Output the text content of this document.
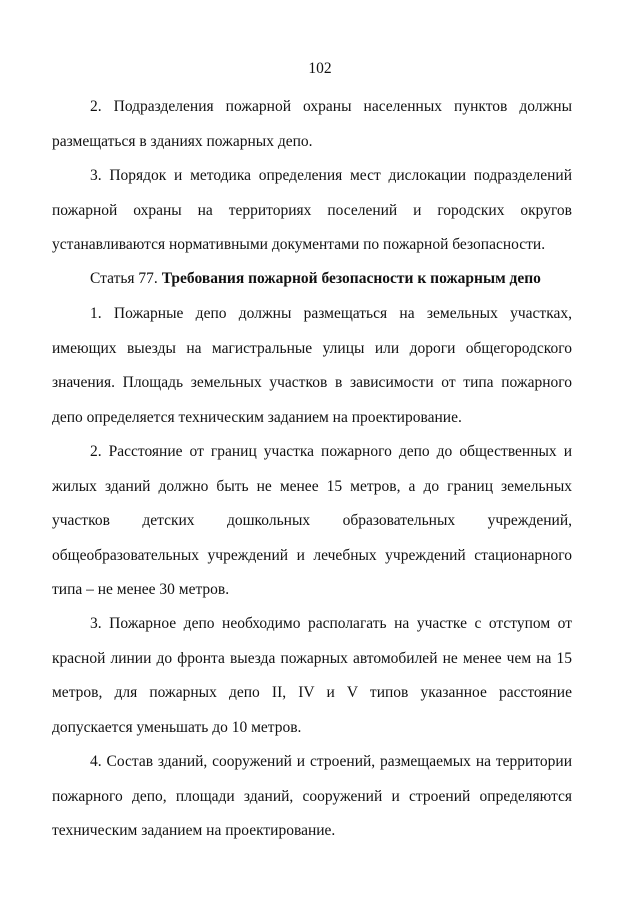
102

2. Подразделения пожарной охраны населенных пунктов должны размещаться в зданиях пожарных депо.

3. Порядок и методика определения мест дислокации подразделений пожарной охраны на территориях поселений и городских округов устанавливаются нормативными документами по пожарной безопасности.

Статья 77. Требования пожарной безопасности к пожарным депо

1. Пожарные депо должны размещаться на земельных участках, имеющих выезды на магистральные улицы или дороги общегородского значения. Площадь земельных участков в зависимости от типа пожарного депо определяется техническим заданием на проектирование.

2. Расстояние от границ участка пожарного депо до общественных и жилых зданий должно быть не менее 15 метров, а до границ земельных участков детских дошкольных образовательных учреждений, общеобразовательных учреждений и лечебных учреждений стационарного типа – не менее 30 метров.

3. Пожарное депо необходимо располагать на участке с отступом от красной линии до фронта выезда пожарных автомобилей не менее чем на 15 метров, для пожарных депо II, IV и V типов указанное расстояние допускается уменьшать до 10 метров.

4. Состав зданий, сооружений и строений, размещаемых на территории пожарного депо, площади зданий, сооружений и строений определяются техническим заданием на проектирование.
